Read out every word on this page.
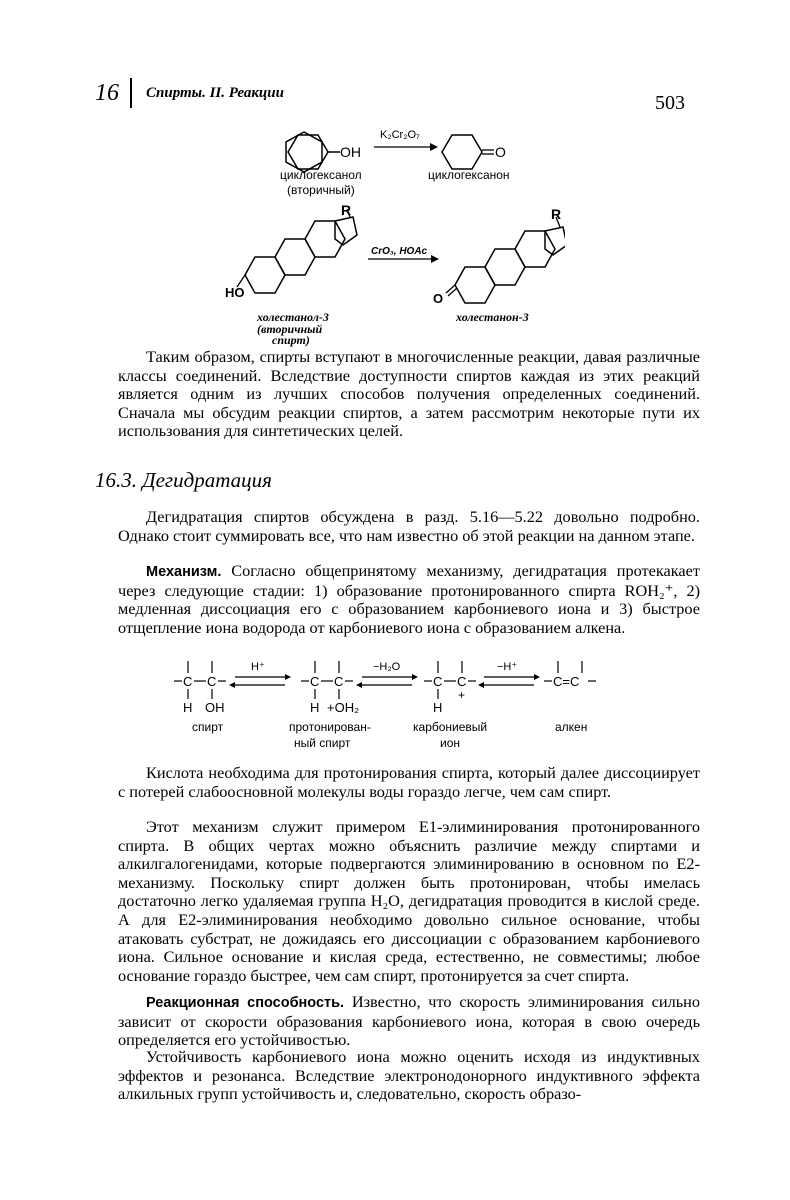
16 Спирты. II. Реакции	503
OH
K₂Cr₂O₇
O
циклогексанол
(вторичный)
циклогексанон
R
HO
CrO₃, HOAc
R
O
холестанол-3
(вторичный
спирт)
холестанон-3

Таким образом, спирты вступают в многочисленные реакции, давая различные классы соединений. Вследствие доступности спиртов каждая из этих реакций является одним из лучших способов получения определенных соединений. Сначала мы обсудим реакции спиртов, а затем рассмотрим некоторые пути их использования для синтетических целей.

16.3. Дегидратация

Дегидратация спиртов обсуждена в разд. 5.16—5.22 довольно подробно. Однако стоит суммировать все, что нам известно об этой реакции на данном этапе.

Механизм. Согласно общепринятому механизму, дегидратация протекакает через следующие стадии: 1) образование протонированного спирта ROH₂⁺, 2) медленная диссоциация его с образованием карбониевого иона и 3) быстрое отщепление иона водорода от карбониевого иона с образованием алкена.

C C
H OH
C C
H +OH₂
C C
H
+
C=C
H⁺	−H₂O	−H⁺
спирт	протонирован-
ный спирт
карбониевый
ион
алкен

Кислота необходима для протонирования спирта, который далее диссоциирует с потерей слабоосновной молекулы воды гораздо легче, чем сам спирт.

Этот механизм служит примером E1-элиминирования протонированного спирта. В общих чертах можно объяснить различие между спиртами и алкилгалогенидами, которые подвергаются элиминированию в основном по E2-механизму. Поскольку спирт должен быть протонирован, чтобы имелась достаточно легко удаляемая группа H₂O, дегидратация проводится в кислой среде. А для E2-элиминирования необходимо довольно сильное основание, чтобы атаковать субстрат, не дожидаясь его диссоциации с образованием карбониевого иона. Сильное основание и кислая среда, естественно, не совместимы; любое основание гораздо быстрее, чем сам спирт, протонируется за счет спирта.

Реакционная способность. Известно, что скорость элиминирования сильно зависит от скорости образования карбониевого иона, которая в свою очередь определяется его устойчивостью.

Устойчивость карбониевого иона можно оценить исходя из индуктивных эффектов и резонанса. Вследствие электронодонорного индуктивного эффекта алкильных групп устойчивость и, следовательно, скорость образо-
